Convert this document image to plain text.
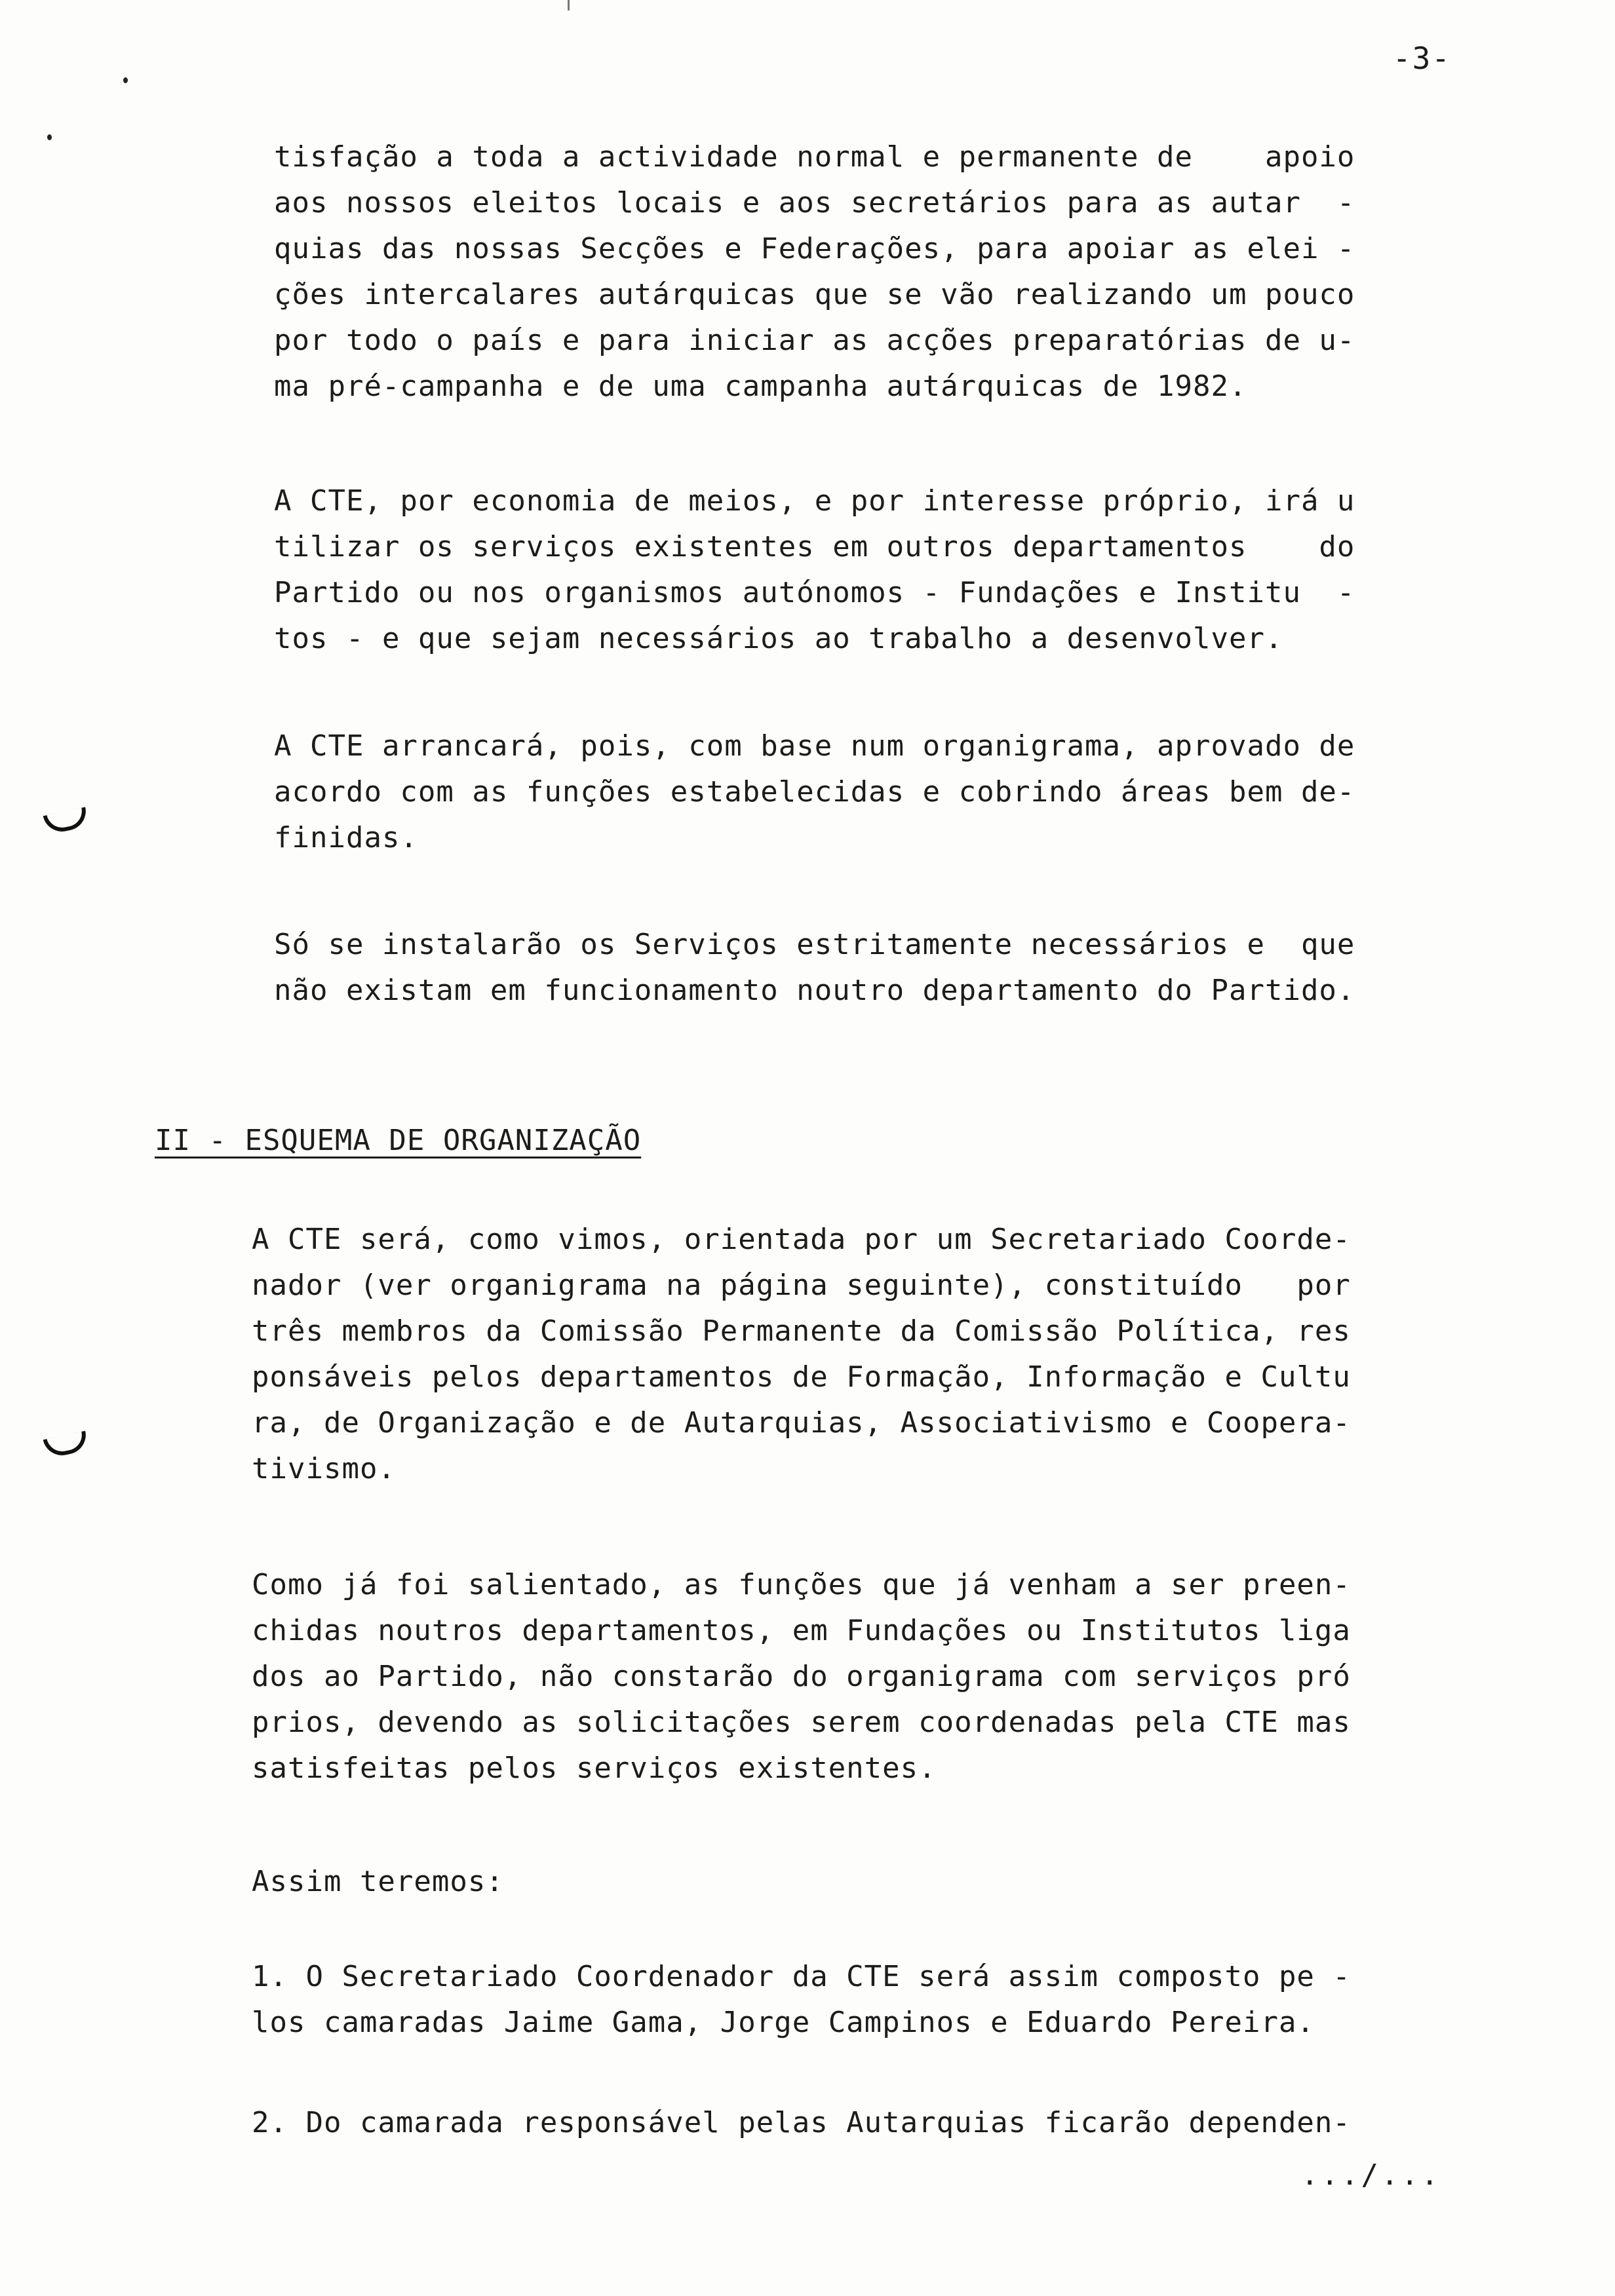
-3-
tisfação a toda a actividade normal e permanente de    apoio
aos nossos eleitos locais e aos secretários para as autar  -
quias das nossas Secções e Federações, para apoiar as elei -
ções intercalares autárquicas que se vão realizando um pouco
por todo o país e para iniciar as acções preparatórias de u-
ma pré-campanha e de uma campanha autárquicas de 1982.
A CTE, por economia de meios, e por interesse próprio, irá u
tilizar os serviços existentes em outros departamentos    do
Partido ou nos organismos autónomos - Fundações e Institu  -
tos - e que sejam necessários ao trabalho a desenvolver.
A CTE arrancará, pois, com base num organigrama, aprovado de
acordo com as funções estabelecidas e cobrindo áreas bem de-
finidas.
Só se instalarão os Serviços estritamente necessários e  que
não existam em funcionamento noutro departamento do Partido.
II - ESQUEMA DE ORGANIZAÇÃO
A CTE será, como vimos, orientada por um Secretariado Coorde-
nador (ver organigrama na página seguinte), constituído   por
três membros da Comissão Permanente da Comissão Política, res
ponsáveis pelos departamentos de Formação, Informação e Cultu
ra, de Organização e de Autarquias, Associativismo e Coopera-
tivismo.
Como já foi salientado, as funções que já venham a ser preen-
chidas noutros departamentos, em Fundações ou Institutos liga
dos ao Partido, não constarão do organigrama com serviços pró
prios, devendo as solicitações serem coordenadas pela CTE mas
satisfeitas pelos serviços existentes.
Assim teremos:
1. O Secretariado Coordenador da CTE será assim composto pe -
los camaradas Jaime Gama, Jorge Campinos e Eduardo Pereira.
2. Do camarada responsável pelas Autarquias ficarão dependen-
.../...
